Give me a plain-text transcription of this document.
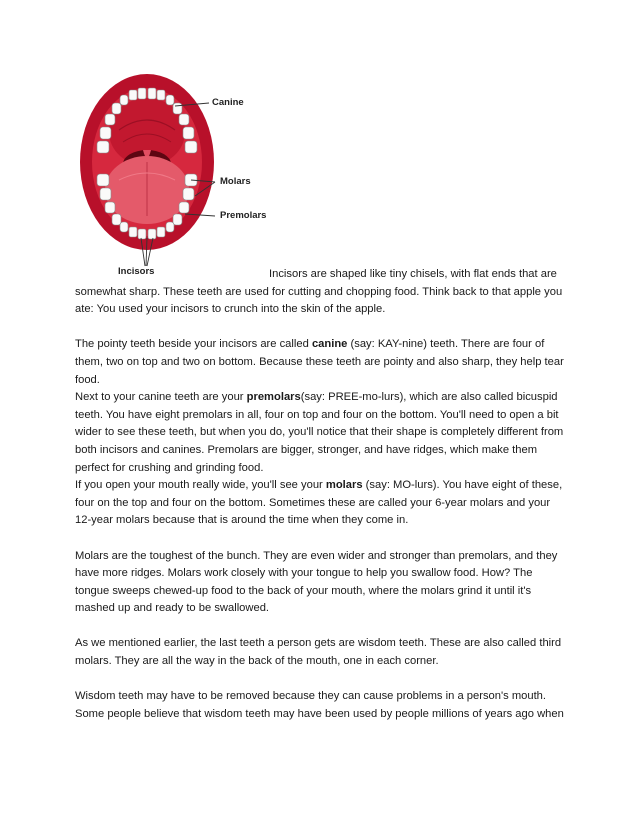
Canine
Molars
Premolars
Incisors	Incisors are shaped like tiny chisels, with flat ends that are somewhat sharp. These teeth are used for cutting and chopping food. Think back to that apple you ate: You used your incisors to crunch into the skin of the apple.

The pointy teeth beside your incisors are called canine (say: KAY-nine) teeth. There are four of them, two on top and two on bottom. Because these teeth are pointy and also sharp, they help tear food.

Next to your canine teeth are your premolars(say: PREE-mo-lurs), which are also called bicuspid teeth. You have eight premolars in all, four on top and four on the bottom. You'll need to open a bit wider to see these teeth, but when you do, you'll notice that their shape is completely different from both incisors and canines. Premolars are bigger, stronger, and have ridges, which make them perfect for crushing and grinding food.

If you open your mouth really wide, you'll see your molars (say: MO-lurs). You have eight of these, four on the top and four on the bottom. Sometimes these are called your 6-year molars and your 12-year molars because that is around the time when they come in.

Molars are the toughest of the bunch. They are even wider and stronger than premolars, and they have more ridges. Molars work closely with your tongue to help you swallow food. How? The tongue sweeps chewed-up food to the back of your mouth, where the molars grind it until it's mashed up and ready to be swallowed.

As we mentioned earlier, the last teeth a person gets are wisdom teeth. These are also called third molars. They are all the way in the back of the mouth, one in each corner.

Wisdom teeth may have to be removed because they can cause problems in a person's mouth. Some people believe that wisdom teeth may have been used by people millions of years ago when
